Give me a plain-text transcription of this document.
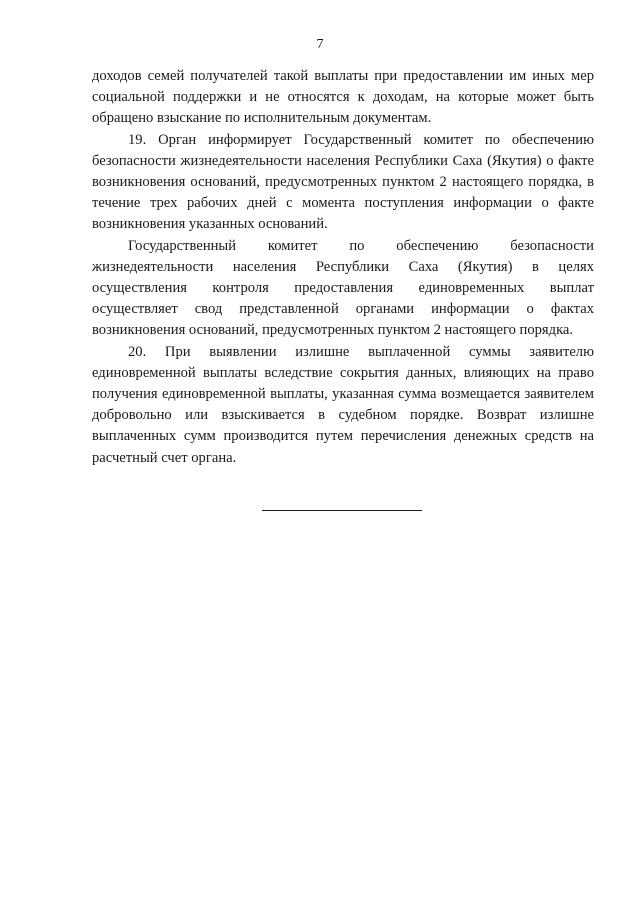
7

доходов семей получателей такой выплаты при предоставлении им иных мер социальной поддержки и не относятся к доходам, на которые может быть обращено взыскание по исполнительным документам.

19. Орган информирует Государственный комитет по обеспечению безопасности жизнедеятельности населения Республики Саха (Якутия) о факте возникновения оснований, предусмотренных пунктом 2 настоящего порядка, в течение трех рабочих дней с момента поступления информации о факте возникновения указанных оснований.

Государственный комитет по обеспечению безопасности жизнедеятельности населения Республики Саха (Якутия) в целях осуществления контроля предоставления единовременных выплат осуществляет свод представленной органами информации о фактах возникновения оснований, предусмотренных пунктом 2 настоящего порядка.

20. При выявлении излишне выплаченной суммы заявителю единовременной выплаты вследствие сокрытия данных, влияющих на право получения единовременной выплаты, указанная сумма возмещается заявителем добровольно или взыскивается в судебном порядке. Возврат излишне выплаченных сумм производится путем перечисления денежных средств на расчетный счет органа.
